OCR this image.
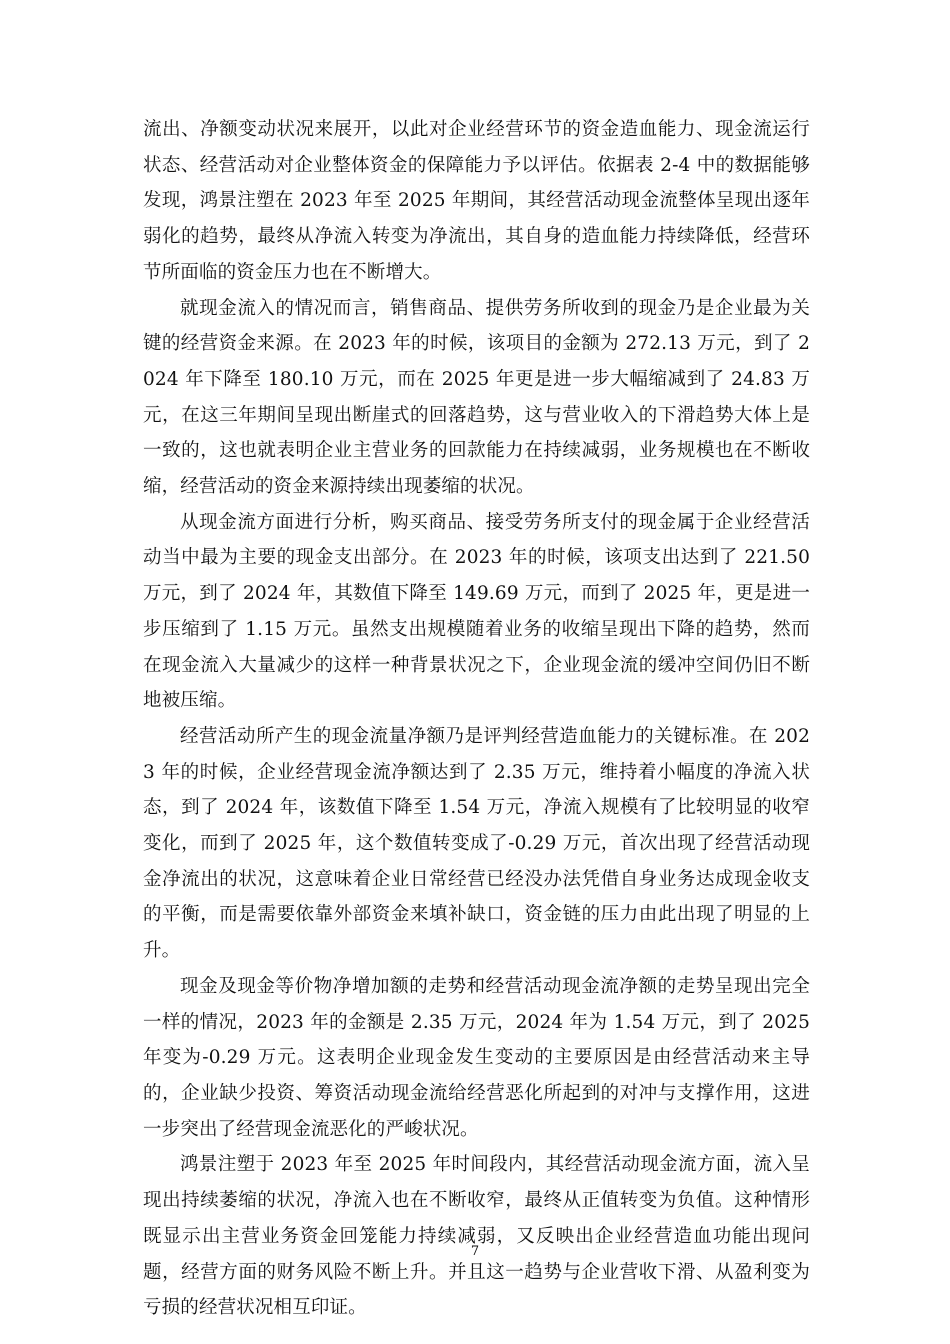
流出、净额变动状况来展开，以此对企业经营环节的资金造血能力、现金流运行状态、经营活动对企业整体资金的保障能力予以评估。依据表 2-4 中的数据能够发现，鸿景注塑在 2023 年至 2025 年期间，其经营活动现金流整体呈现出逐年弱化的趋势，最终从净流入转变为净流出，其自身的造血能力持续降低，经营环节所面临的资金压力也在不断增大。

就现金流入的情况而言，销售商品、提供劳务所收到的现金乃是企业最为关键的经营资金来源。在 2023 年的时候，该项目的金额为 272.13 万元，到了 2024 年下降至 180.10 万元，而在 2025 年更是进一步大幅缩减到了 24.83 万元，在这三年期间呈现出断崖式的回落趋势，这与营业收入的下滑趋势大体上是一致的，这也就表明企业主营业务的回款能力在持续减弱，业务规模也在不断收缩，经营活动的资金来源持续出现萎缩的状况。

从现金流方面进行分析，购买商品、接受劳务所支付的现金属于企业经营活动当中最为主要的现金支出部分。在 2023 年的时候，该项支出达到了 221.50 万元，到了 2024 年，其数值下降至 149.69 万元，而到了 2025 年，更是进一步压缩到了 1.15 万元。虽然支出规模随着业务的收缩呈现出下降的趋势，然而在现金流入大量减少的这样一种背景状况之下，企业现金流的缓冲空间仍旧不断地被压缩。

经营活动所产生的现金流量净额乃是评判经营造血能力的关键标准。在 2023 年的时候，企业经营现金流净额达到了 2.35 万元，维持着小幅度的净流入状态，到了 2024 年，该数值下降至 1.54 万元，净流入规模有了比较明显的收窄变化，而到了 2025 年，这个数值转变成了-0.29 万元，首次出现了经营活动现金净流出的状况，这意味着企业日常经营已经没办法凭借自身业务达成现金收支的平衡，而是需要依靠外部资金来填补缺口，资金链的压力由此出现了明显的上升。

现金及现金等价物净增加额的走势和经营活动现金流净额的走势呈现出完全一样的情况，2023 年的金额是 2.35 万元，2024 年为 1.54 万元，到了 2025 年变为-0.29 万元。这表明企业现金发生变动的主要原因是由经营活动来主导的，企业缺少投资、筹资活动现金流给经营恶化所起到的对冲与支撑作用，这进一步突出了经营现金流恶化的严峻状况。

鸿景注塑于 2023 年至 2025 年时间段内，其经营活动现金流方面，流入呈现出持续萎缩的状况，净流入也在不断收窄，最终从正值转变为负值。这种情形既显示出主营业务资金回笼能力持续减弱，又反映出企业经营造血功能出现问题，经营方面的财务风险不断上升。并且这一趋势与企业营收下滑、从盈利变为亏损的经营状况相互印证。

7
